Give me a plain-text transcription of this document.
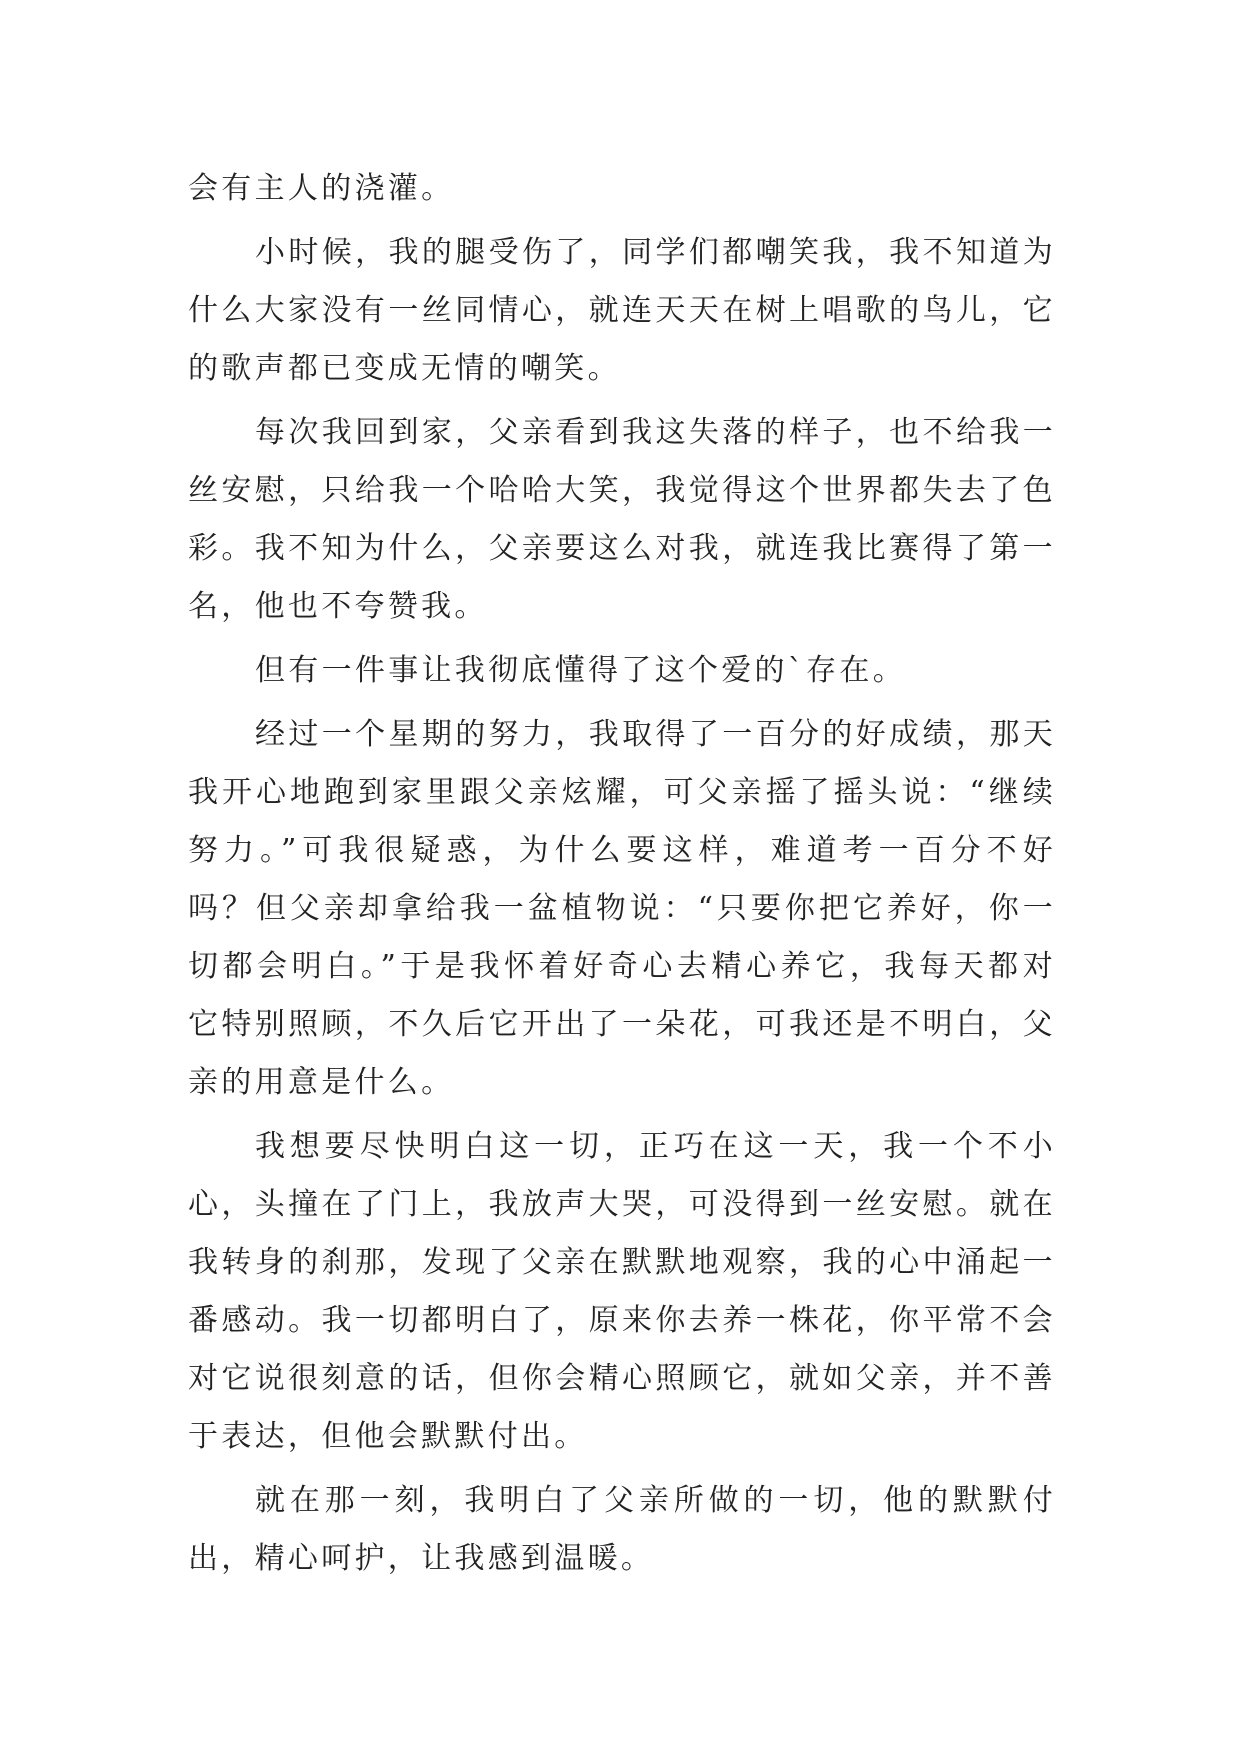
会有主人的浇灌。

小时候，我的腿受伤了，同学们都嘲笑我，我不知道为什么大家没有一丝同情心，就连天天在树上唱歌的鸟儿，它的歌声都已变成无情的嘲笑。

每次我回到家，父亲看到我这失落的样子，也不给我一丝安慰，只给我一个哈哈大笑，我觉得这个世界都失去了色彩。我不知为什么，父亲要这么对我，就连我比赛得了第一名，他也不夸赞我。

但有一件事让我彻底懂得了这个爱的`存在。

经过一个星期的努力，我取得了一百分的好成绩，那天我开心地跑到家里跟父亲炫耀，可父亲摇了摇头说：“继续努力。”可我很疑惑，为什么要这样，难道考一百分不好吗？但父亲却拿给我一盆植物说：“只要你把它养好，你一切都会明白。”于是我怀着好奇心去精心养它，我每天都对它特别照顾，不久后它开出了一朵花，可我还是不明白，父亲的用意是什么。

我想要尽快明白这一切，正巧在这一天，我一个不小心，头撞在了门上，我放声大哭，可没得到一丝安慰。就在我转身的刹那，发现了父亲在默默地观察，我的心中涌起一番感动。我一切都明白了，原来你去养一株花，你平常不会对它说很刻意的话，但你会精心照顾它，就如父亲，并不善于表达，但他会默默付出。

就在那一刻，我明白了父亲所做的一切，他的默默付出，精心呵护，让我感到温暖。
